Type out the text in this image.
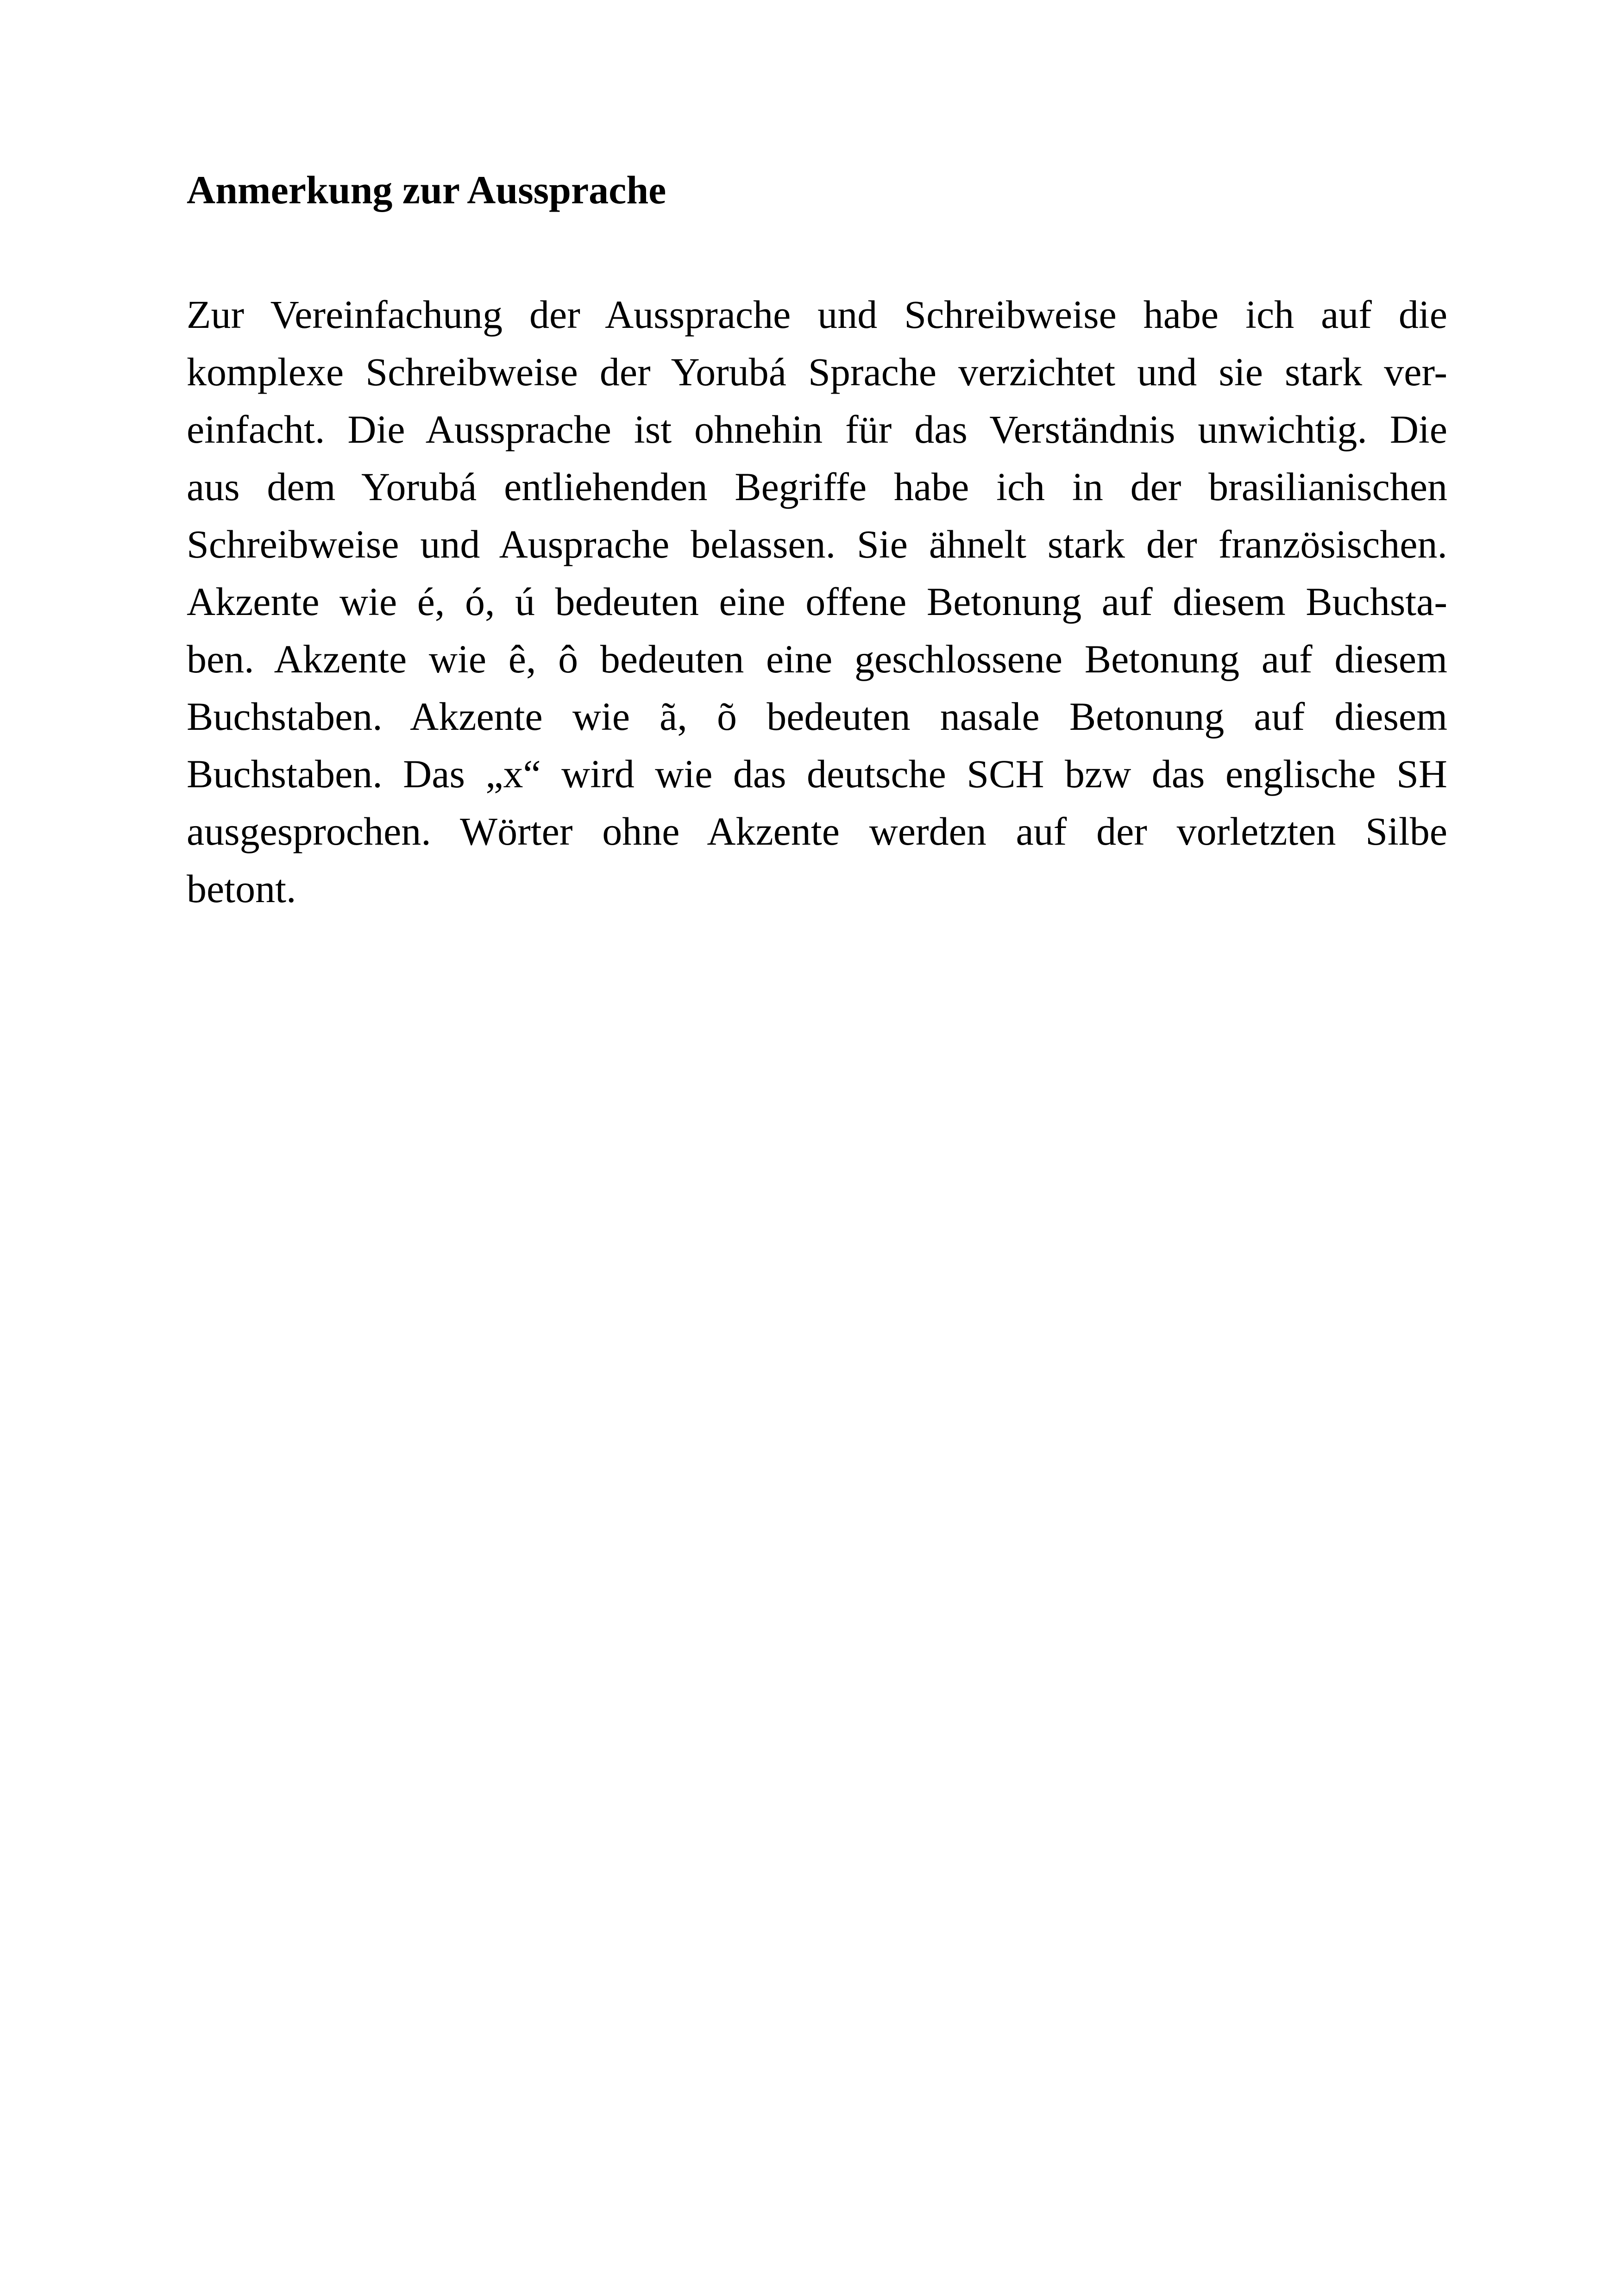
Anmerkung zur Aussprache
Zur Vereinfachung der Aussprache und Schreibweise habe ich auf die
komplexe Schreibweise der Yorubá Sprache verzichtet und sie stark ver-
einfacht. Die Aussprache ist ohnehin für das Verständnis unwichtig. Die
aus dem Yorubá entliehenden Begriffe habe ich in der brasilianischen
Schreibweise und Ausprache belassen. Sie ähnelt stark der französischen.
Akzente wie é, ó, ú bedeuten eine offene Betonung auf diesem Buchsta-
ben. Akzente wie ê, ô bedeuten eine geschlossene Betonung auf diesem
Buchstaben. Akzente wie ã, õ bedeuten nasale Betonung auf diesem
Buchstaben. Das „x“ wird wie das deutsche SCH bzw das englische SH
ausgesprochen. Wörter ohne Akzente werden auf der vorletzten Silbe
betont.
